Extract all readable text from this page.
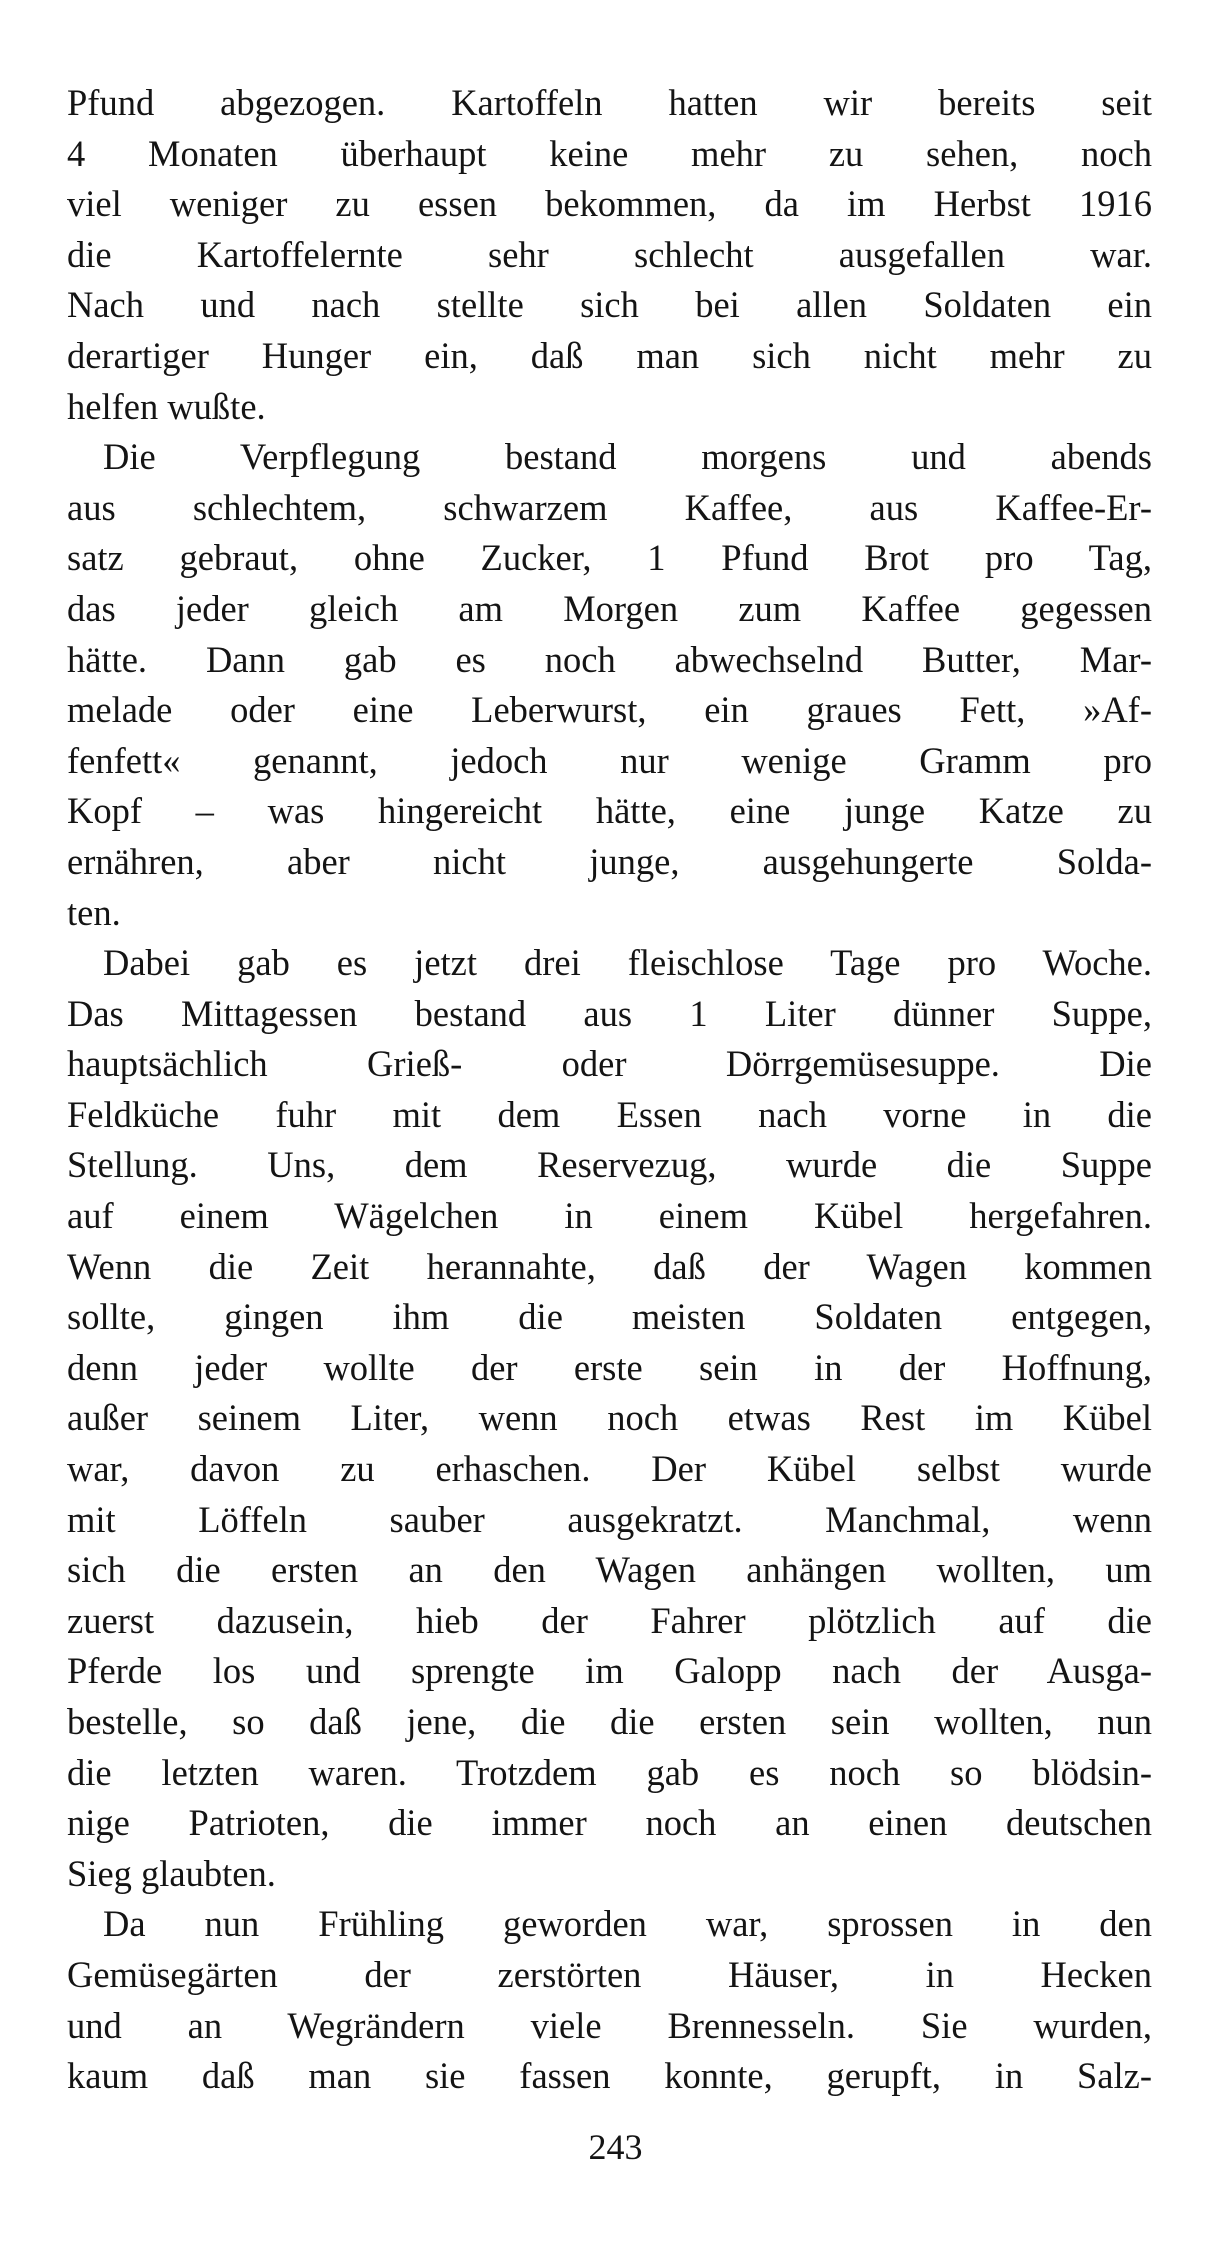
Pfund abgezogen. Kartoffeln hatten wir bereits seit
4 Monaten überhaupt keine mehr zu sehen, noch
viel weniger zu essen bekommen, da im Herbst 1916
die Kartoffelernte sehr schlecht ausgefallen war.
Nach und nach stellte sich bei allen Soldaten ein
derartiger Hunger ein, daß man sich nicht mehr zu
helfen wußte.
Die Verpflegung bestand morgens und abends
aus schlechtem, schwarzem Kaffee, aus Kaffee-Er-
satz gebraut, ohne Zucker, 1 Pfund Brot pro Tag,
das jeder gleich am Morgen zum Kaffee gegessen
hätte. Dann gab es noch abwechselnd Butter, Mar-
melade oder eine Leberwurst, ein graues Fett, »Af-
fenfett« genannt, jedoch nur wenige Gramm pro
Kopf – was hingereicht hätte, eine junge Katze zu
ernähren, aber nicht junge, ausgehungerte Solda-
ten.
Dabei gab es jetzt drei fleischlose Tage pro Woche.
Das Mittagessen bestand aus 1 Liter dünner Suppe,
hauptsächlich Grieß- oder Dörrgemüsesuppe. Die
Feldküche fuhr mit dem Essen nach vorne in die
Stellung. Uns, dem Reservezug, wurde die Suppe
auf einem Wägelchen in einem Kübel hergefahren.
Wenn die Zeit herannahte, daß der Wagen kommen
sollte, gingen ihm die meisten Soldaten entgegen,
denn jeder wollte der erste sein in der Hoffnung,
außer seinem Liter, wenn noch etwas Rest im Kübel
war, davon zu erhaschen. Der Kübel selbst wurde
mit Löffeln sauber ausgekratzt. Manchmal, wenn
sich die ersten an den Wagen anhängen wollten, um
zuerst dazusein, hieb der Fahrer plötzlich auf die
Pferde los und sprengte im Galopp nach der Ausga-
bestelle, so daß jene, die die ersten sein wollten, nun
die letzten waren. Trotzdem gab es noch so blödsin-
nige Patrioten, die immer noch an einen deutschen
Sieg glaubten.
Da nun Frühling geworden war, sprossen in den
Gemüsegärten der zerstörten Häuser, in Hecken
und an Wegrändern viele Brennesseln. Sie wurden,
kaum daß man sie fassen konnte, gerupft, in Salz-
243
